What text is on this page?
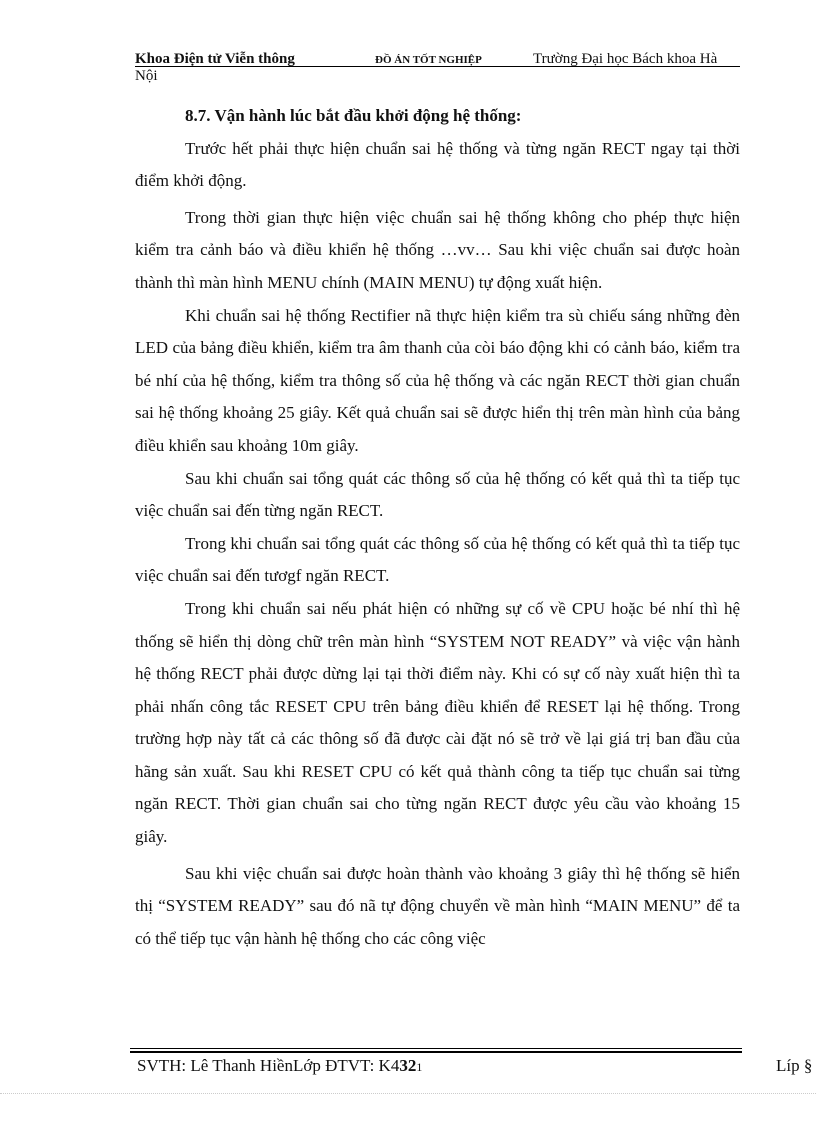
Khoa Điện tử Viễn thông	ĐỒ ÁN TỐT NGHIỆP	Trường Đại học Bách khoa Hà
Nội

8.7. Vận hành lúc bắt đầu khởi động hệ thống:

Trước hết phải thực hiện chuẩn sai hệ thống và từng ngăn RECT ngay tại thời điểm khởi động.

Trong thời gian thực hiện việc chuẩn sai hệ thống không cho phép thực hiện kiểm tra cảnh báo và điều khiển hệ thống …vv… Sau khi việc chuẩn sai được hoàn thành thì màn hình MENU chính (MAIN MENU) tự động xuất hiện.

Khi chuẩn sai hệ thống Rectifier nã thực hiện kiểm tra sù chiếu sáng những đèn LED của bảng điều khiển, kiểm tra âm thanh của còi báo động khi có cảnh báo, kiểm tra bé nhí của hệ thống, kiểm tra thông số của hệ thống và các ngăn RECT thời gian chuẩn sai hệ thống khoảng 25 giây. Kết quả chuẩn sai sẽ được hiển thị trên màn hình của bảng điều khiển sau khoảng 10m giây.

Sau khi chuẩn sai tổng quát các thông số của hệ thống có kết quả thì ta tiếp tục việc chuẩn sai đến từng ngăn RECT.

Trong khi chuẩn sai tổng quát các thông số của hệ thống có kết quả thì ta tiếp tục việc chuẩn sai đến tươgf ngăn RECT.

Trong khi chuẩn sai nếu phát hiện có những sự cố về CPU hoặc bé nhí thì hệ thống sẽ hiển thị dòng chữ trên màn hình “SYSTEM NOT READY” và việc vận hành hệ thống RECT phải được dừng lại tại thời điểm này. Khi có sự cố này xuất hiện thì ta phải nhấn công tắc RESET CPU trên bảng điều khiển để RESET lại hệ thống. Trong trường hợp này tất cả các thông số đã được cài đặt nó sẽ trở về lại giá trị ban đầu của hãng sản xuất. Sau khi RESET CPU có kết quả thành công ta tiếp tục chuẩn sai từng ngăn RECT. Thời gian chuẩn sai cho từng ngăn RECT được yêu cầu vào khoảng 15 giây.

Sau khi việc chuẩn sai được hoàn thành vào khoảng 3 giây thì hệ thống sẽ hiển thị “SYSTEM READY” sau đó nã tự động chuyển về màn hình “MAIN MENU” để ta có thể tiếp tục vận hành hệ thống cho các công việc

SVTH: Lê Thanh HiềnLớp ĐTVT: K4321	Líp §
